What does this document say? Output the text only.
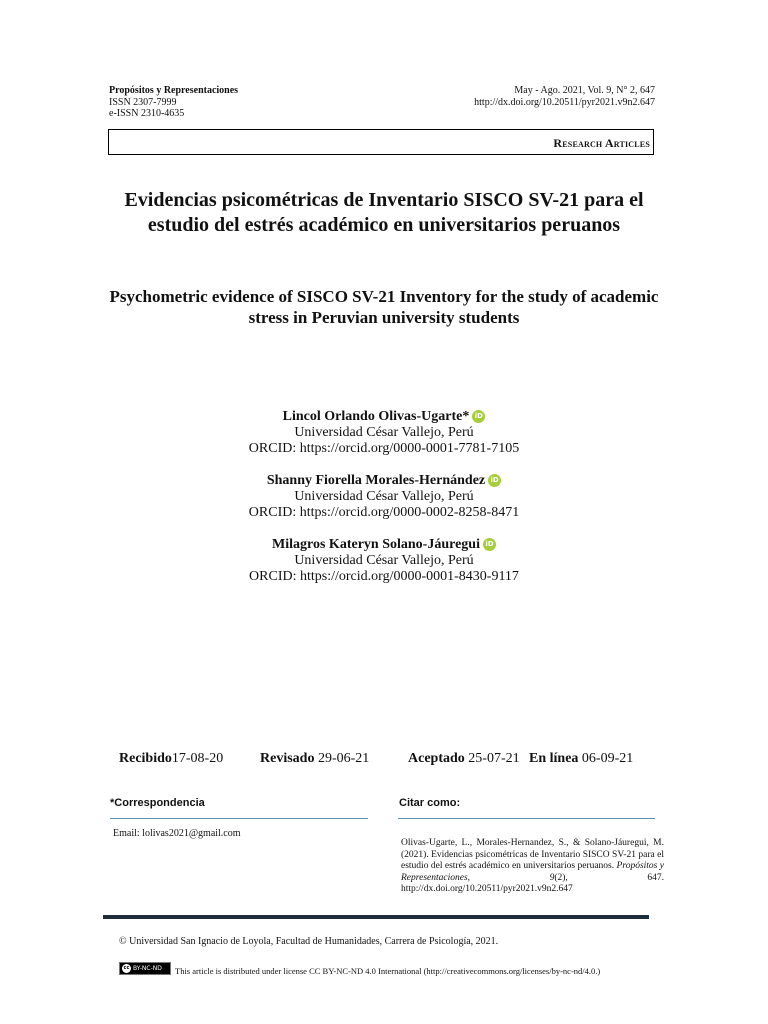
Propósitos y Representaciones
ISSN 2307-7999
e-ISSN 2310-4635
May - Ago. 2021, Vol. 9, N° 2, 647
http://dx.doi.org/10.20511/pyr2021.v9n2.647
Research Articles
Evidencias psicométricas de Inventario SISCO SV-21 para el estudio del estrés académico en universitarios peruanos
Psychometric evidence of SISCO SV-21 Inventory for the study of academic stress in Peruvian university students
Lincol Orlando Olivas-Ugarte* iD
Universidad César Vallejo, Perú
ORCID: https://orcid.org/0000-0001-7781-7105
Shanny Fiorella Morales-Hernández iD
Universidad César Vallejo, Perú
ORCID: https://orcid.org/0000-0002-8258-8471
Milagros Kateryn Solano-Jáuregui iD
Universidad César Vallejo, Perú
ORCID: https://orcid.org/0000-0001-8430-9117
Recibido17-08-20	Revisado 29-06-21	Aceptado 25-07-21 En línea 06-09-21
*Correspondencia
Email: lolivas2021@gmail.com
Citar como:
Olivas-Ugarte, L., Morales-Hernandez, S., & Solano-Jáuregui, M. (2021). Evidencias psicométricas de Inventario SISCO SV-21 para el estudio del estrés académico en universitarios peruanos. Propósitos y Representaciones, 9(2), 647. http://dx.doi.org/10.20511/pyr2021.v9n2.647
© Universidad San Ignacio de Loyola, Facultad de Humanidades, Carrera de Psicología, 2021.
cc BY-NC-ND	This article is distributed under license CC BY-NC-ND 4.0 International (http://creativecommons.org/licenses/by-nc-nd/4.0.)
